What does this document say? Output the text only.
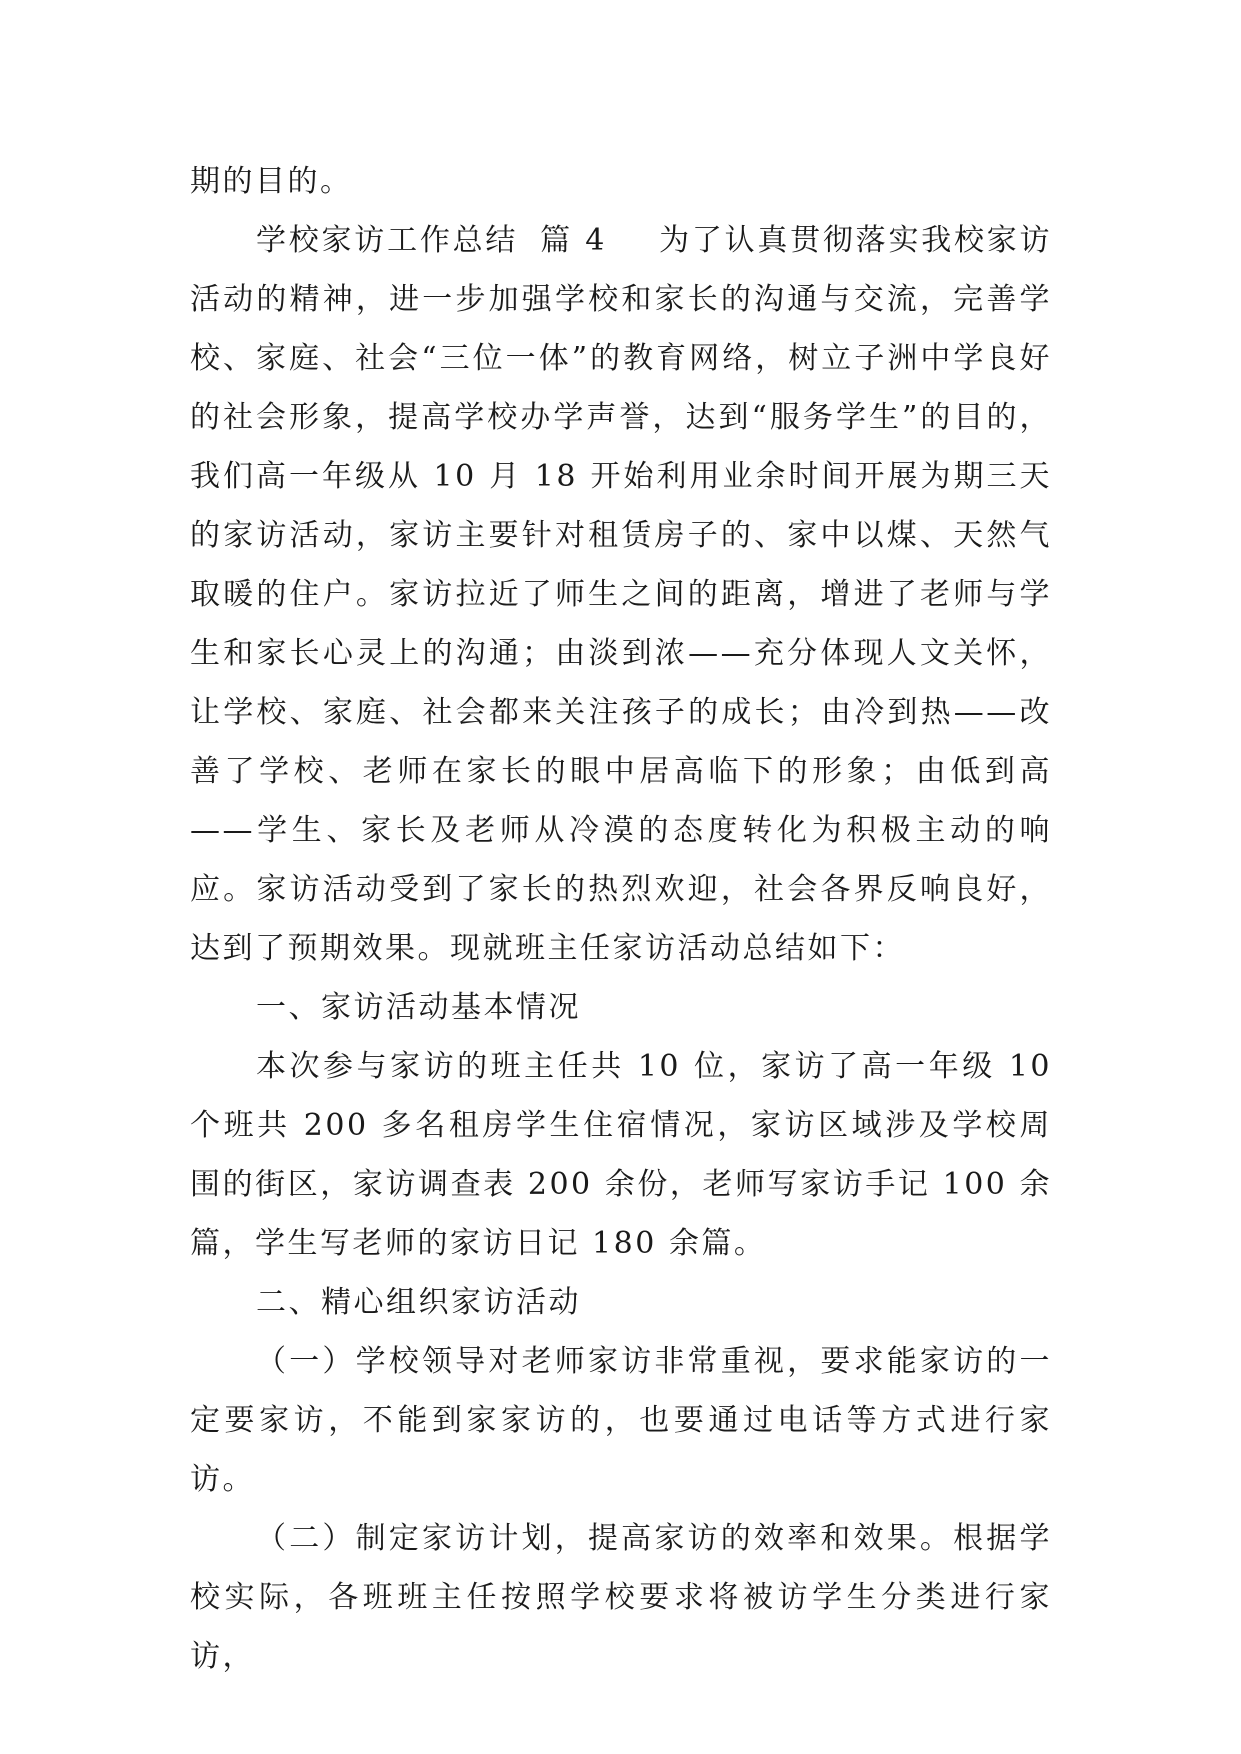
期的目的。

学校家访工作总结 篇 4 为了认真贯彻落实我校家访活动的精神，进一步加强学校和家长的沟通与交流，完善学校、家庭、社会“三位一体”的教育网络，树立子洲中学良好的社会形象，提高学校办学声誉，达到“服务学生”的目的，我们高一年级从 10 月 18 开始利用业余时间开展为期三天的家访活动，家访主要针对租赁房子的、家中以煤、天然气取暖的住户。家访拉近了师生之间的距离，增进了老师与学生和家长心灵上的沟通；由淡到浓——充分体现人文关怀，让学校、家庭、社会都来关注孩子的成长；由冷到热——改善了学校、老师在家长的眼中居高临下的形象；由低到高——学生、家长及老师从冷漠的态度转化为积极主动的响应。家访活动受到了家长的热烈欢迎，社会各界反响良好，达到了预期效果。现就班主任家访活动总结如下：

一、家访活动基本情况

本次参与家访的班主任共 10 位，家访了高一年级 10 个班共 200 多名租房学生住宿情况，家访区域涉及学校周围的街区，家访调查表 200 余份，老师写家访手记 100 余篇，学生写老师的家访日记 180 余篇。

二、精心组织家访活动

（一）学校领导对老师家访非常重视，要求能家访的一定要家访，不能到家家访的，也要通过电话等方式进行家访。

（二）制定家访计划，提高家访的效率和效果。根据学校实际，各班班主任按照学校要求将被访学生分类进行家访，
